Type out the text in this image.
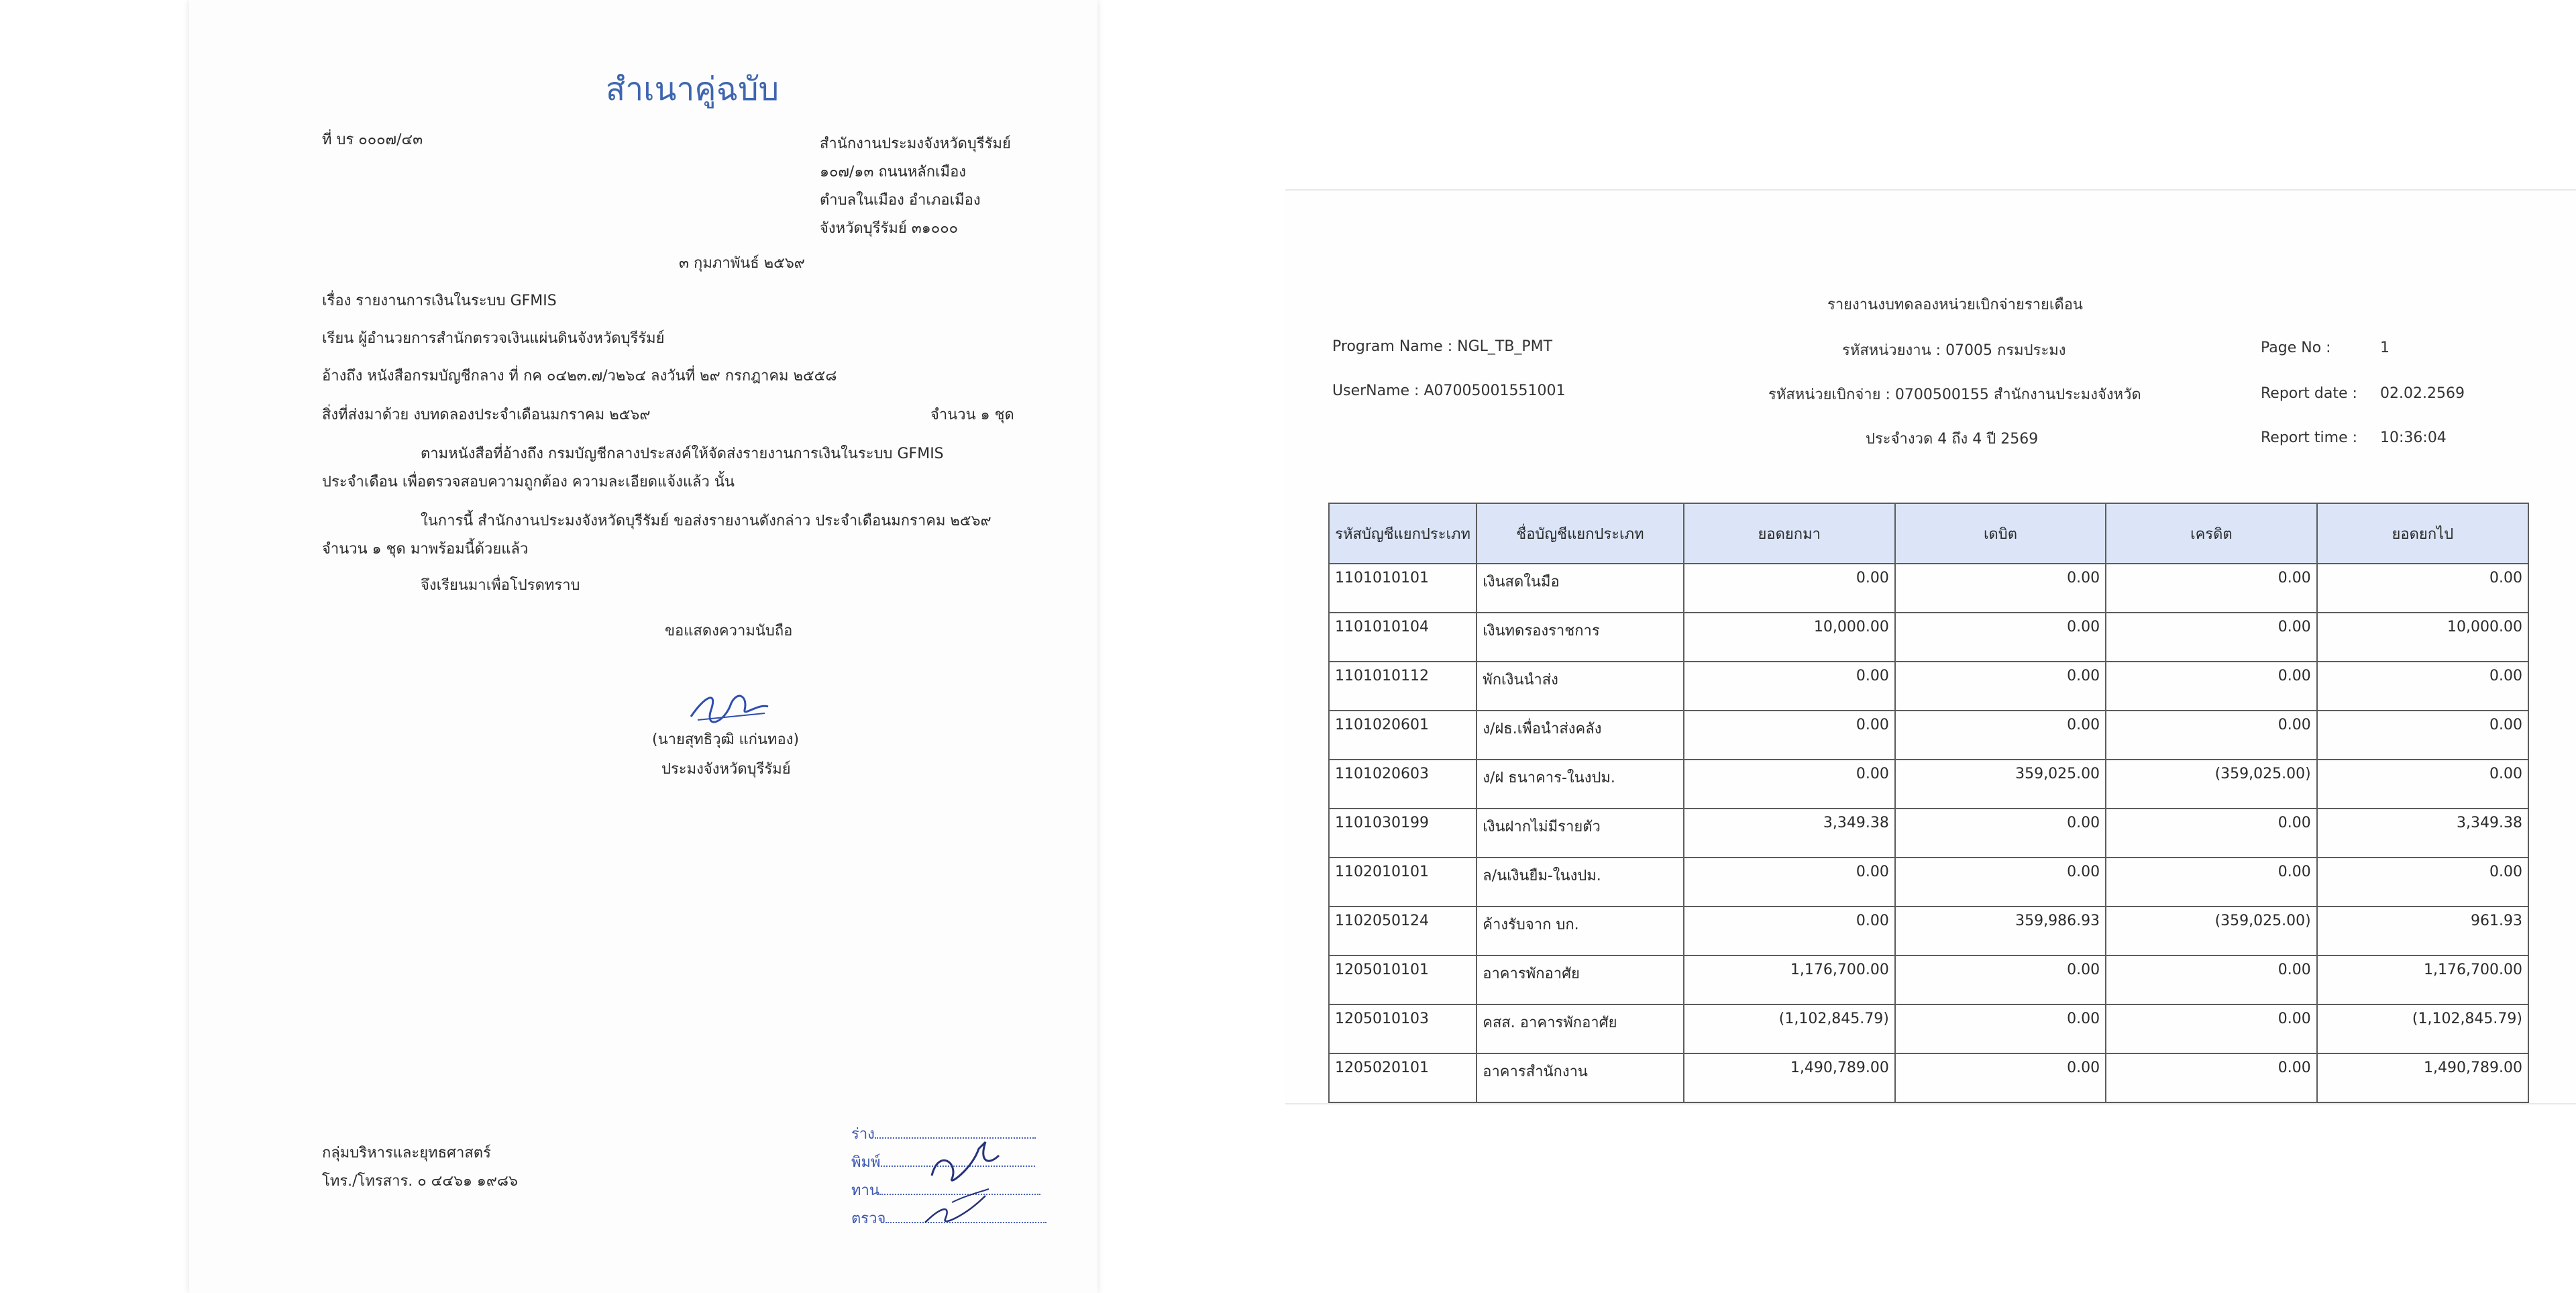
สำเนาคู่ฉบับ
ที่ บร ๐๐๐๗/๔๓	สำนักงานประมงจังหวัดบุรีรัมย์
๑๐๗/๑๓ ถนนหลักเมือง
ตำบลในเมือง อำเภอเมือง
จังหวัดบุรีรัมย์ ๓๑๐๐๐
๓ กุมภาพันธ์ ๒๕๖๙
เรื่อง รายงานการเงินในระบบ GFMIS
เรียน ผู้อำนวยการสำนักตรวจเงินแผ่นดินจังหวัดบุรีรัมย์
อ้างถึง หนังสือกรมบัญชีกลาง ที่ กค ๐๔๒๓.๗/ว๒๖๔ ลงวันที่ ๒๙ กรกฎาคม ๒๕๕๘
สิ่งที่ส่งมาด้วย งบทดลองประจำเดือนมกราคม ๒๕๖๙	จำนวน ๑ ชุด
ตามหนังสือที่อ้างถึง กรมบัญชีกลางประสงค์ให้จัดส่งรายงานการเงินในระบบ GFMIS
ประจำเดือน เพื่อตรวจสอบความถูกต้อง ความละเอียดแจ้งแล้ว นั้น
ในการนี้ สำนักงานประมงจังหวัดบุรีรัมย์ ขอส่งรายงานดังกล่าว ประจำเดือนมกราคม ๒๕๖๙
จำนวน ๑ ชุด มาพร้อมนี้ด้วยแล้ว
จึงเรียนมาเพื่อโปรดทราบ
ขอแสดงความนับถือ
(นายสุทธิวุฒิ แก่นทอง)
ประมงจังหวัดบุรีรัมย์
กลุ่มบริหารและยุทธศาสตร์
โทร./โทรสาร. ๐ ๔๔๖๑ ๑๙๘๖
ร่าง
พิมพ์
ทาน
ตรวจ
รายงานงบทดลองหน่วยเบิกจ่ายรายเดือน
Program Name : NGL_TB_PMT
UserName : A07005001551001
รหัสหน่วยงาน : 07005 กรมประมง
รหัสหน่วยเบิกจ่าย : 0700500155 สำนักงานประมงจังหวัด
ประจำงวด 4 ถึง 4 ปี 2569
Page No :	1
Report date : 02.02.2569
Report time : 10:36:04
รหัสบัญชีแยกประเภท	ชื่อบัญชีแยกประเภท	ยอดยกมา	เดบิต	เครดิต	ยอดยกไป
1101010101	เงินสดในมือ	0.00	0.00	0.00	0.00
1101010104	เงินทดรองราชการ	10,000.00	0.00	0.00	10,000.00
1101010112	พักเงินนำส่ง	0.00	0.00	0.00	0.00
1101020601	ง/ฝธ.เพื่อนำส่งคลัง	0.00	0.00	0.00	0.00
1101020603	ง/ฝ ธนาคาร-ในงปม.	0.00	359,025.00	(359,025.00)	0.00
1101030199	เงินฝากไม่มีรายตัว	3,349.38	0.00	0.00	3,349.38
1102010101	ล/นเงินยืม-ในงปม.	0.00	0.00	0.00	0.00
1102050124	ค้างรับจาก บก.	0.00	359,986.93	(359,025.00)	961.93
1205010101	อาคารพักอาศัย	1,176,700.00	0.00	0.00	1,176,700.00
1205010103	คสส. อาคารพักอาศัย	(1,102,845.79)	0.00	0.00	(1,102,845.79)
1205020101	อาคารสำนักงาน	1,490,789.00	0.00	0.00	1,490,789.00
